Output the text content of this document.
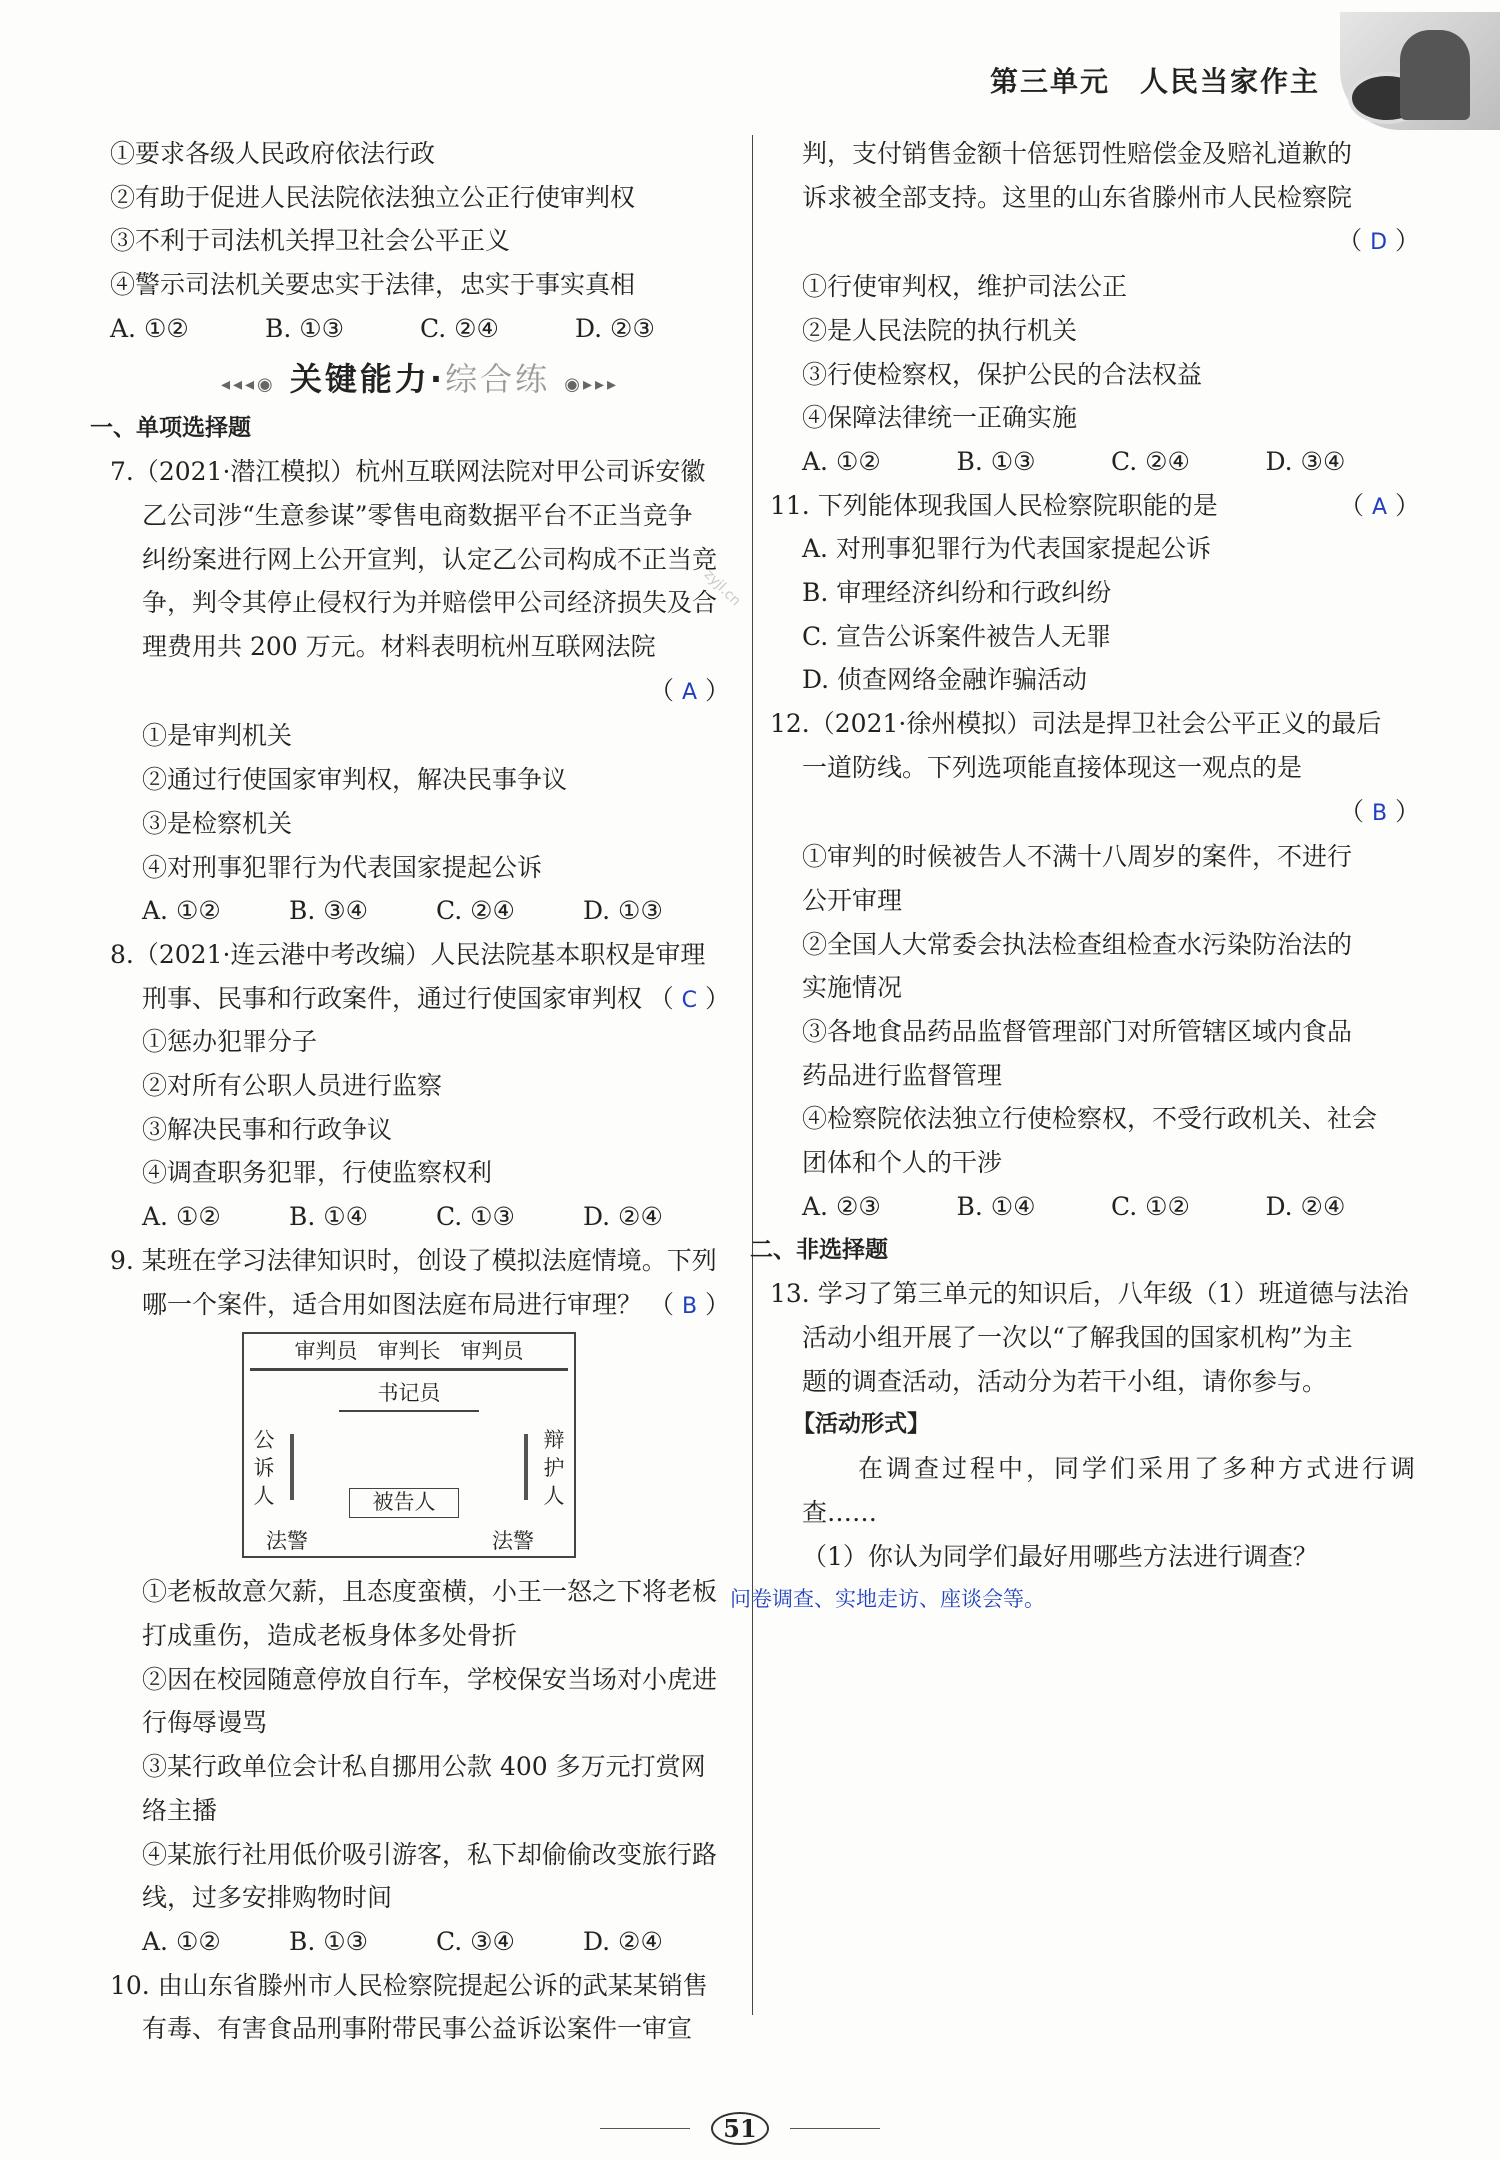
第三单元 人民当家作主
zyjl.cn
①要求各级人民政府依法行政
②有助于促进人民法院依法独立公正行使审判权
③不利于司法机关捍卫社会公平正义
④警示司法机关要忠实于法律，忠实于事实真相
A. ①②	B. ①③	C. ②④	D. ②③
◂◂◂◉ 关键能力·综合练 ◉▸▸▸
一、单项选择题
7.（2021·潜江模拟）杭州互联网法院对甲公司诉安徽
乙公司涉“生意参谋”零售电商数据平台不正当竞争
纠纷案进行网上公开宣判，认定乙公司构成不正当竞
争，判令其停止侵权行为并赔偿甲公司经济损失及合
理费用共 200 万元。材料表明杭州互联网法院
（ A ）
①是审判机关
②通过行使国家审判权，解决民事争议
③是检察机关
④对刑事犯罪行为代表国家提起公诉
A. ①②	B. ③④	C. ②④	D. ①③
8.（2021·连云港中考改编）人民法院基本职权是审理
刑事、民事和行政案件，通过行使国家审判权 （ C ）
①惩办犯罪分子
②对所有公职人员进行监察
③解决民事和行政争议
④调查职务犯罪，行使监察权利
A. ①②	B. ①④	C. ①③	D. ②④
9. 某班在学习法律知识时，创设了模拟法庭情境。下列
哪一个案件，适合用如图法庭布局进行审理？ （ B ）
审判员 审判长 审判员
书记员
公诉人
辩护人
被告人
法警	法警
①老板故意欠薪，且态度蛮横，小王一怒之下将老板
打成重伤，造成老板身体多处骨折
②因在校园随意停放自行车，学校保安当场对小虎进
行侮辱谩骂
③某行政单位会计私自挪用公款 400 多万元打赏网
络主播
④某旅行社用低价吸引游客，私下却偷偷改变旅行路
线，过多安排购物时间
A. ①②	B. ①③	C. ③④	D. ②④
10. 由山东省滕州市人民检察院提起公诉的武某某销售
有毒、有害食品刑事附带民事公益诉讼案件一审宣
判，支付销售金额十倍惩罚性赔偿金及赔礼道歉的
诉求被全部支持。这里的山东省滕州市人民检察院
（ D ）
①行使审判权，维护司法公正
②是人民法院的执行机关
③行使检察权，保护公民的合法权益
④保障法律统一正确实施
A. ①②	B. ①③	C. ②④	D. ③④
11. 下列能体现我国人民检察院职能的是	（ A ）
A. 对刑事犯罪行为代表国家提起公诉
B. 审理经济纠纷和行政纠纷
C. 宣告公诉案件被告人无罪
D. 侦查网络金融诈骗活动
12.（2021·徐州模拟）司法是捍卫社会公平正义的最后
一道防线。下列选项能直接体现这一观点的是
（ B ）
①审判的时候被告人不满十八周岁的案件，不进行
公开审理
②全国人大常委会执法检查组检查水污染防治法的
实施情况
③各地食品药品监督管理部门对所管辖区域内食品
药品进行监督管理
④检察院依法独立行使检察权，不受行政机关、社会
团体和个人的干涉
A. ②③	B. ①④	C. ①②	D. ②④
二、非选择题
13. 学习了第三单元的知识后，八年级（1）班道德与法治
活动小组开展了一次以“了解我国的国家机构”为主
题的调查活动，活动分为若干小组，请你参与。
【活动形式】
在调查过程中，同学们采用了多种方式进行调
查……
（1）你认为同学们最好用哪些方法进行调查？
问卷调查、实地走访、座谈会等。
51
